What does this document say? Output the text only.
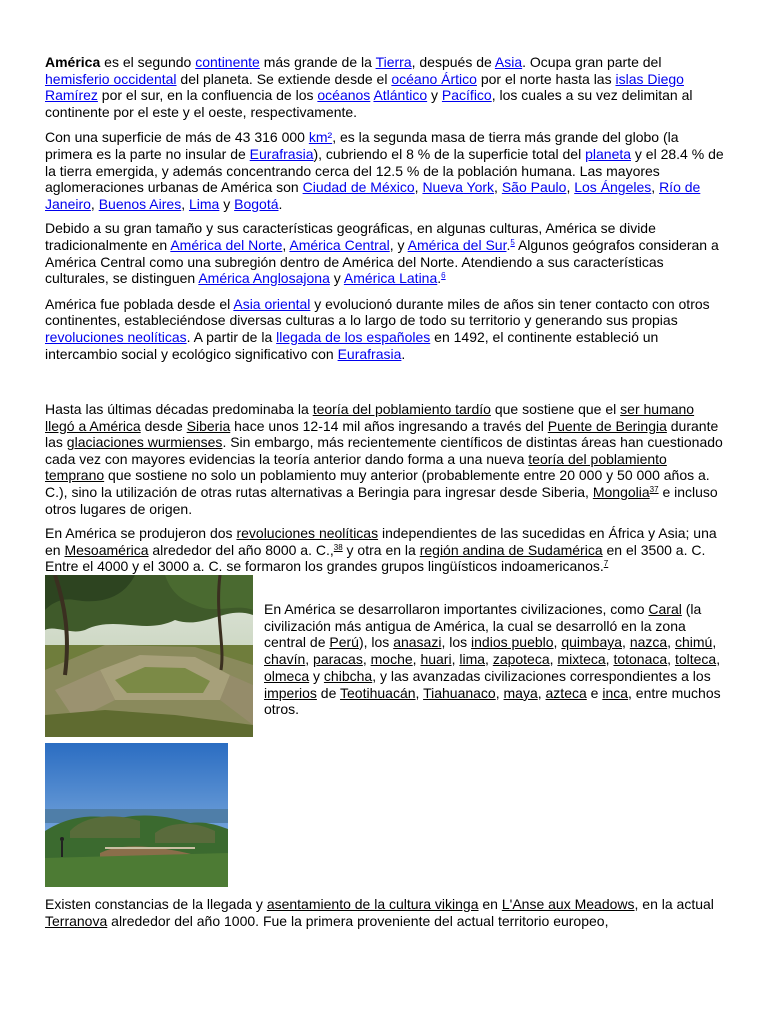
América es el segundo continente más grande de la Tierra, después de Asia. Ocupa gran parte del hemisferio occidental del planeta. Se extiende desde el océano Ártico por el norte hasta las islas Diego Ramírez por el sur, en la confluencia de los océanos Atlántico y Pacífico, los cuales a su vez delimitan al continente por el este y el oeste, respectivamente.

Con una superficie de más de 43 316 000 km², es la segunda masa de tierra más grande del globo (la primera es la parte no insular de Eurafrasia), cubriendo el 8 % de la superficie total del planeta y el 28.4 % de la tierra emergida, y además concentrando cerca del 12.5 % de la población humana. Las mayores aglomeraciones urbanas de América son Ciudad de México, Nueva York, São Paulo, Los Ángeles, Río de Janeiro, Buenos Aires, Lima y Bogotá.

Debido a su gran tamaño y sus características geográficas, en algunas culturas, América se divide tradicionalmente en América del Norte, América Central, y América del Sur.$^5$ Algunos geógrafos consideran a América Central como una subregión dentro de América del Norte. Atendiendo a sus características culturales, se distinguen América Anglosajona y América Latina.$^6$

América fue poblada desde el Asia oriental y evolucionó durante miles de años sin tener contacto con otros continentes, estableciéndose diversas culturas a lo largo de todo su territorio y generando sus propias revoluciones neolíticas. A partir de la llegada de los españoles en 1492, el continente estableció un intercambio social y ecológico significativo con Eurafrasia.

Hasta las últimas décadas predominaba la teoría del poblamiento tardío que sostiene que el ser humano llegó a América desde Siberia hace unos 12-14 mil años ingresando a través del Puente de Beringia durante las glaciaciones wurmienses. Sin embargo, más recientemente científicos de distintas áreas han cuestionado cada vez con mayores evidencias la teoría anterior dando forma a una nueva teoría del poblamiento temprano que sostiene no solo un poblamiento muy anterior (probablemente entre 20 000 y 50 000 años a. C.), sino la utilización de otras rutas alternativas a Beringia para ingresar desde Siberia, Mongolia$^{37}$ e incluso otros lugares de origen.

En América se produjeron dos revoluciones neolíticas independientes de las sucedidas en África y Asia; una en Mesoamérica alrededor del año 8000 a. C.,$^{38}$ y otra en la región andina de Sudamérica en el 3500 a. C. Entre el 4000 y el 3000 a. C. se formaron los grandes grupos lingüísticos indoamericanos.$^7$

En América se desarrollaron importantes civilizaciones, como Caral (la civilización más antigua de América, la cual se desarrolló en la zona central de Perú), los anasazi, los indios pueblo, quimbaya, nazca, chimú, chavín, paracas, moche, huari, lima, zapoteca, mixteca, totonaca, tolteca, olmeca y chibcha, y las avanzadas civilizaciones correspondientes a los imperios de Teotihuacán, Tiahuanaco, maya, azteca e inca, entre muchos otros.

Existen constancias de la llegada y asentamiento de la cultura vikinga en L'Anse aux Meadows, en la actual Terranova alrededor del año 1000. Fue la primera proveniente del actual territorio europeo,
